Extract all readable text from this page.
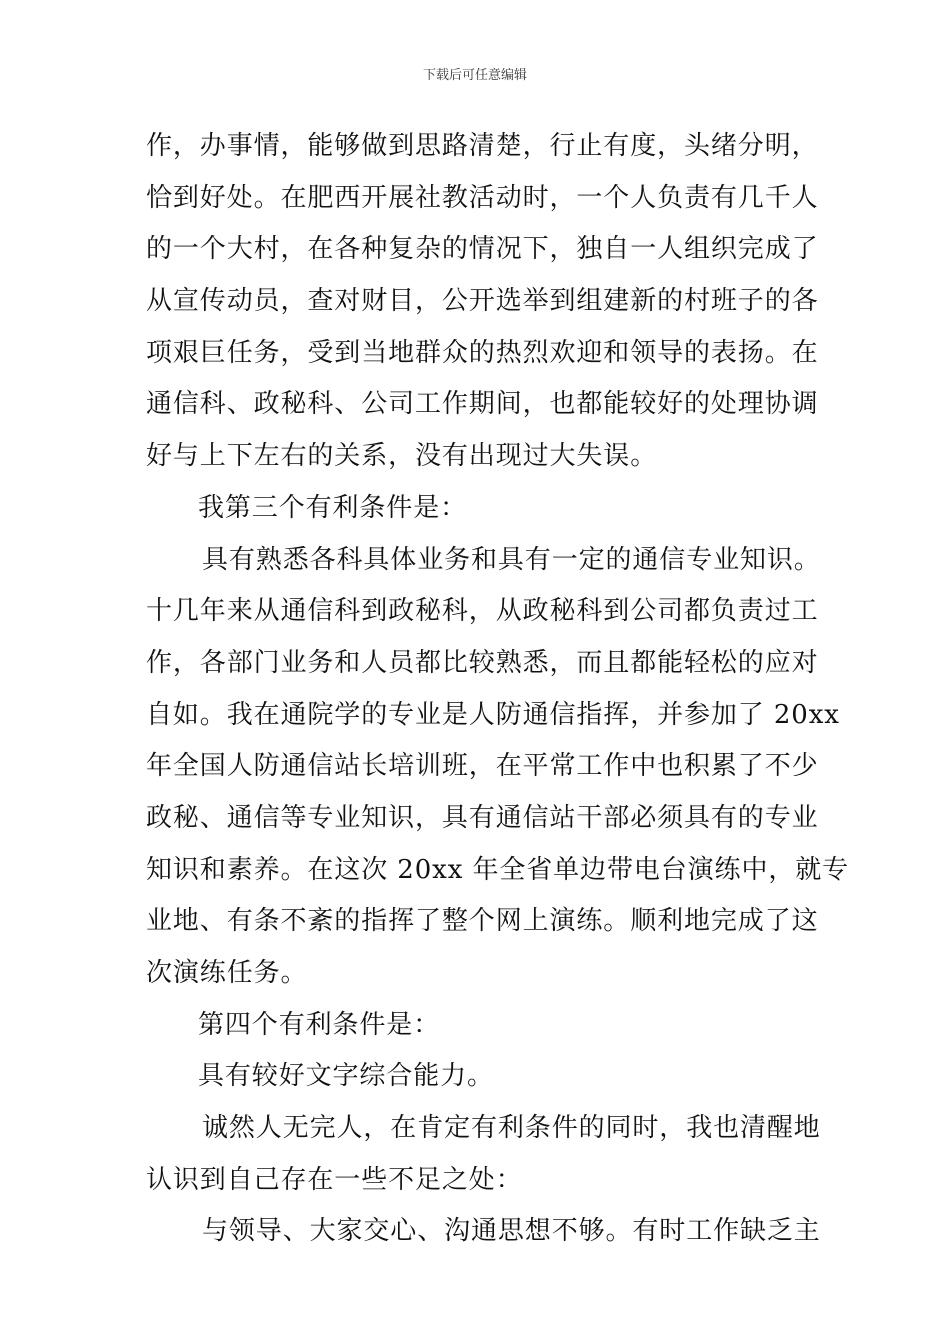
下载后可任意编辑
作，办事情，能够做到思路清楚，行止有度，头绪分明，
恰到好处。在肥西开展社教活动时，一个人负责有几千人
的一个大村，在各种复杂的情况下，独自一人组织完成了
从宣传动员，查对财目，公开选举到组建新的村班子的各
项艰巨任务，受到当地群众的热烈欢迎和领导的表扬。在
通信科、政秘科、公司工作期间，也都能较好的处理协调
好与上下左右的关系，没有出现过大失误。
我第三个有利条件是：
具有熟悉各科具体业务和具有一定的通信专业知识。
十几年来从通信科到政秘科，从政秘科到公司都负责过工
作，各部门业务和人员都比较熟悉，而且都能轻松的应对
自如。我在通院学的专业是人防通信指挥，并参加了 20xx
年全国人防通信站长培训班，在平常工作中也积累了不少
政秘、通信等专业知识，具有通信站干部必须具有的专业
知识和素养。在这次 20xx 年全省单边带电台演练中，就专
业地、有条不紊的指挥了整个网上演练。顺利地完成了这
次演练任务。
第四个有利条件是：
具有较好文字综合能力。
诚然人无完人，在肯定有利条件的同时，我也清醒地
认识到自己存在一些不足之处：
与领导、大家交心、沟通思想不够。有时工作缺乏主
